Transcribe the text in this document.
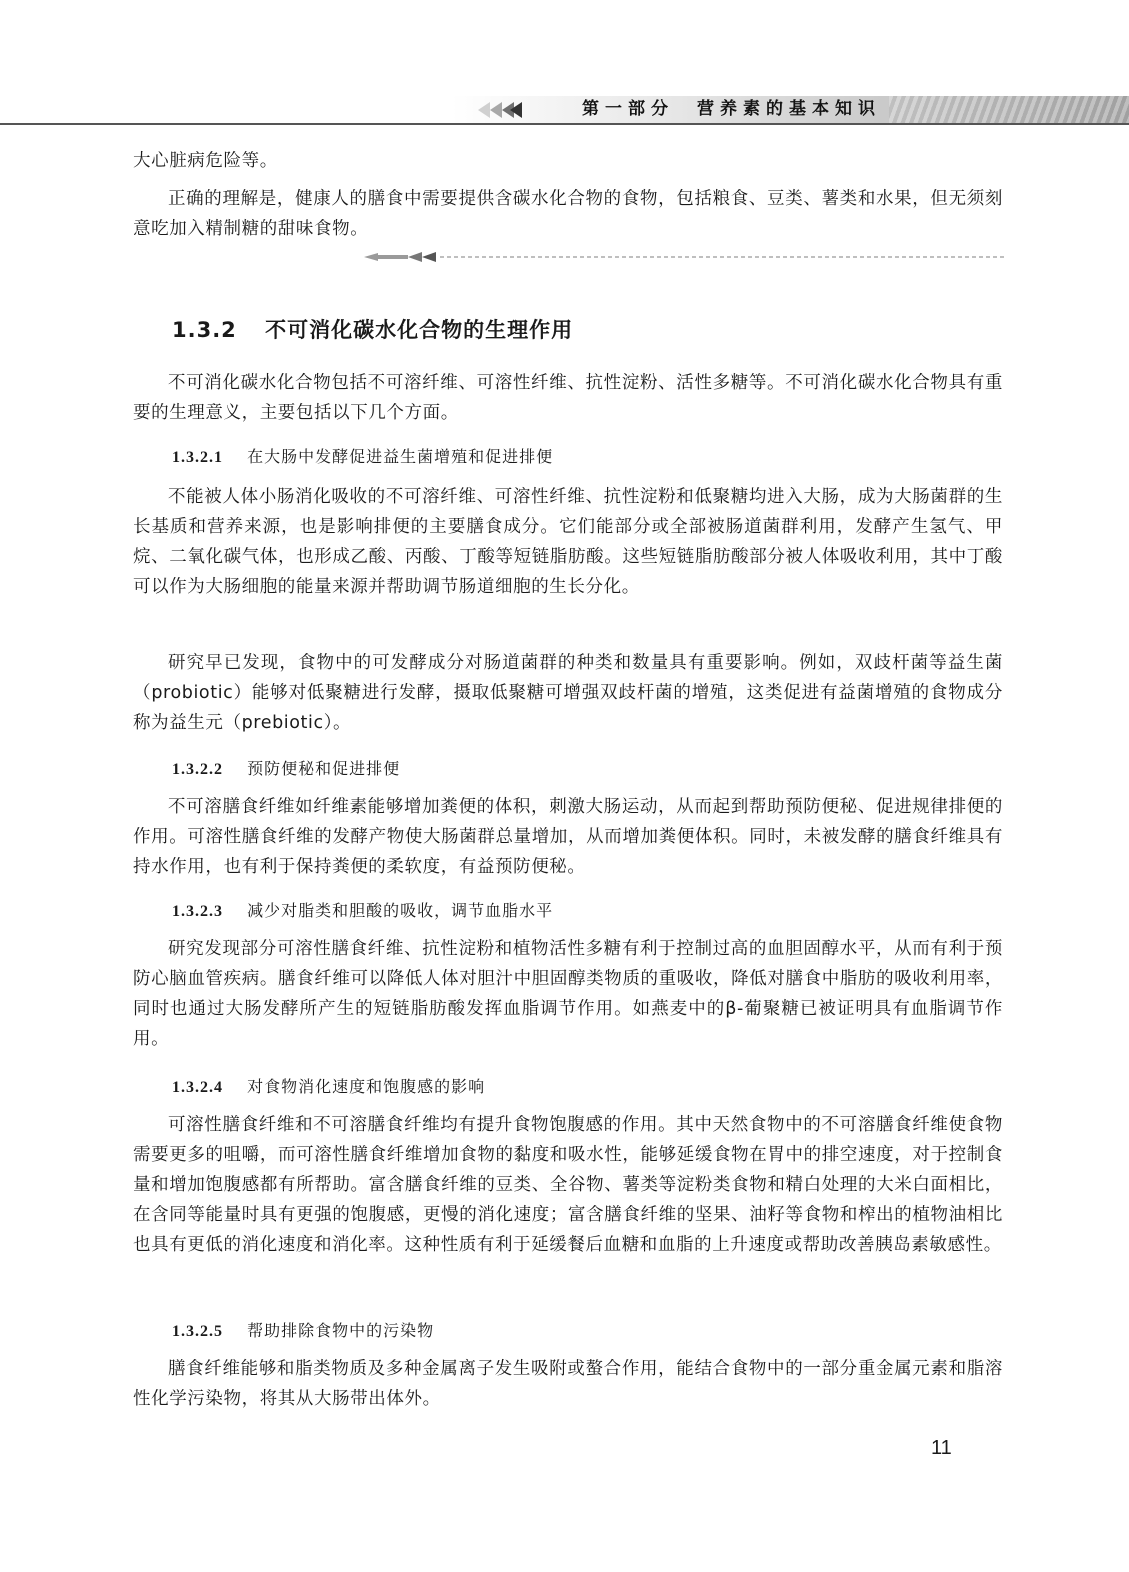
第一部分　营养素的基本知识

大心脏病危险等。

正确的理解是，健康人的膳食中需要提供含碳水化合物的食物，包括粮食、豆类、薯类和水果，但无须刻意吃加入精制糖的甜味食物。

1.3.2 不可消化碳水化合物的生理作用

不可消化碳水化合物包括不可溶纤维、可溶性纤维、抗性淀粉、活性多糖等。不可消化碳水化合物具有重要的生理意义，主要包括以下几个方面。

1.3.2.1 在大肠中发酵促进益生菌增殖和促进排便

不能被人体小肠消化吸收的不可溶纤维、可溶性纤维、抗性淀粉和低聚糖均进入大肠，成为大肠菌群的生长基质和营养来源，也是影响排便的主要膳食成分。它们能部分或全部被肠道菌群利用，发酵产生氢气、甲烷、二氧化碳气体，也形成乙酸、丙酸、丁酸等短链脂肪酸。这些短链脂肪酸部分被人体吸收利用，其中丁酸可以作为大肠细胞的能量来源并帮助调节肠道细胞的生长分化。

研究早已发现，食物中的可发酵成分对肠道菌群的种类和数量具有重要影响。例如，双歧杆菌等益生菌（probiotic）能够对低聚糖进行发酵，摄取低聚糖可增强双歧杆菌的增殖，这类促进有益菌增殖的食物成分称为益生元（prebiotic）。

1.3.2.2 预防便秘和促进排便

不可溶膳食纤维如纤维素能够增加粪便的体积，刺激大肠运动，从而起到帮助预防便秘、促进规律排便的作用。可溶性膳食纤维的发酵产物使大肠菌群总量增加，从而增加粪便体积。同时，未被发酵的膳食纤维具有持水作用，也有利于保持粪便的柔软度，有益预防便秘。

1.3.2.3 减少对脂类和胆酸的吸收，调节血脂水平

研究发现部分可溶性膳食纤维、抗性淀粉和植物活性多糖有利于控制过高的血胆固醇水平，从而有利于预防心脑血管疾病。膳食纤维可以降低人体对胆汁中胆固醇类物质的重吸收，降低对膳食中脂肪的吸收利用率，同时也通过大肠发酵所产生的短链脂肪酸发挥血脂调节作用。如燕麦中的β-葡聚糖已被证明具有血脂调节作用。

1.3.2.4 对食物消化速度和饱腹感的影响

可溶性膳食纤维和不可溶膳食纤维均有提升食物饱腹感的作用。其中天然食物中的不可溶膳食纤维使食物需要更多的咀嚼，而可溶性膳食纤维增加食物的黏度和吸水性，能够延缓食物在胃中的排空速度，对于控制食量和增加饱腹感都有所帮助。富含膳食纤维的豆类、全谷物、薯类等淀粉类食物和精白处理的大米白面相比，在含同等能量时具有更强的饱腹感，更慢的消化速度；富含膳食纤维的坚果、油籽等食物和榨出的植物油相比也具有更低的消化速度和消化率。这种性质有利于延缓餐后血糖和血脂的上升速度或帮助改善胰岛素敏感性。

1.3.2.5 帮助排除食物中的污染物

膳食纤维能够和脂类物质及多种金属离子发生吸附或螯合作用，能结合食物中的一部分重金属元素和脂溶性化学污染物，将其从大肠带出体外。

11
